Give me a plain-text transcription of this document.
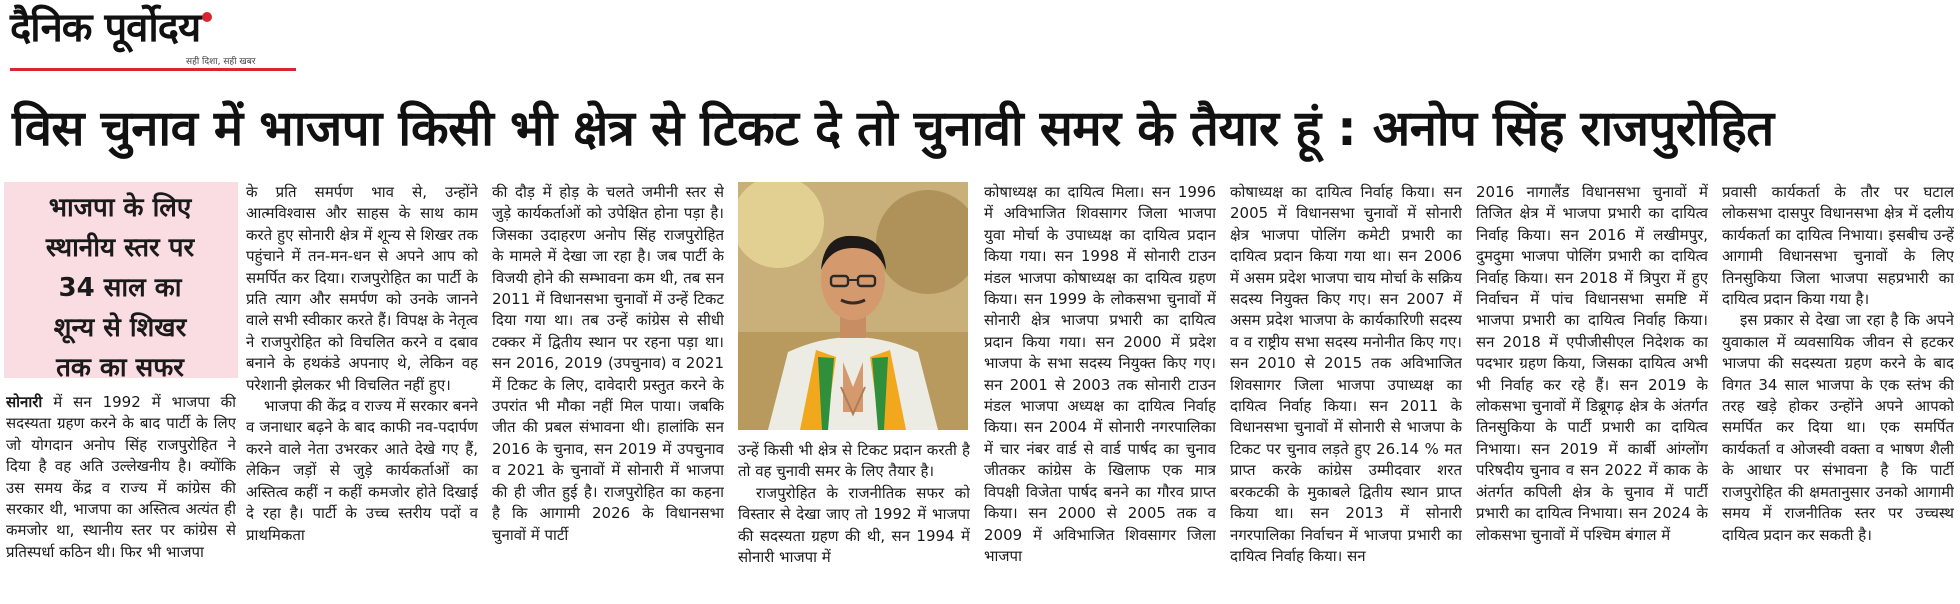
दैनिक पूर्वोदय
सही दिशा, सही खबर
विस चुनाव में भाजपा किसी भी क्षेत्र से टिकट दे तो चुनावी समर के तैयार हूं : अनोप सिंह राजपुरोहित
भाजपा के लिए
स्थानीय स्तर पर
34 साल का
शून्य से शिखर
तक का सफर

सोनारी में सन 1992 में भाजपा की सदस्यता ग्रहण करने के बाद पार्टी के लिए जो योगदान अनोप सिंह राजपुरोहित ने दिया है वह अति उल्लेखनीय है। क्योंकि उस समय केंद्र व राज्य में कांग्रेस की सरकार थी, भाजपा का अस्तित्व अत्यंत ही कमजोर था, स्थानीय स्तर पर कांग्रेस से प्रतिस्पर्धा कठिन थी। फिर भी भाजपा

के प्रति समर्पण भाव से, उन्होंने आत्मविश्वास और साहस के साथ काम करते हुए सोनारी क्षेत्र में शून्य से शिखर तक पहुंचाने में तन-मन-धन से अपने आप को समर्पित कर दिया। राजपुरोहित का पार्टी के प्रति त्याग और समर्पण को उनके जानने वाले सभी स्वीकार करते हैं। विपक्ष के नेतृत्व ने राजपुरोहित को विचलित करने व दबाव बनाने के हथकंडे अपनाए थे, लेकिन वह परेशानी झेलकर भी विचलित नहीं हुए।

भाजपा की केंद्र व राज्य में सरकार बनने व जनाधार बढ़ने के बाद काफी नव-पदार्पण करने वाले नेता उभरकर आते देखे गए हैं, लेकिन जड़ों से जुड़े कार्यकर्ताओं का अस्तित्व कहीं न कहीं कमजोर होते दिखाई दे रहा है। पार्टी के उच्च स्तरीय पदों व प्राथमिकता

की दौड़ में होड़ के चलते जमीनी स्तर से जुड़े कार्यकर्ताओं को उपेक्षित होना पड़ा है। जिसका उदाहरण अनोप सिंह राजपुरोहित के मामले में देखा जा रहा है। जब पार्टी के विजयी होने की सम्भावना कम थी, तब सन 2011 में विधानसभा चुनावों में उन्हें टिकट दिया गया था। तब उन्हें कांग्रेस से सीधी टक्कर में द्वितीय स्थान पर रहना पड़ा था। सन 2016, 2019 (उपचुनाव) व 2021 में टिकट के लिए, दावेदारी प्रस्तुत करने के उपरांत भी मौका नहीं मिल पाया। जबकि जीत की प्रबल संभावना थी। हालांकि सन 2016 के चुनाव, सन 2019 में उपचुनाव व 2021 के चुनावों में सोनारी में भाजपा की ही जीत हुई है। राजपुरोहित का कहना है कि आगामी 2026 के विधानसभा चुनावों में पार्टी

उन्हें किसी भी क्षेत्र से टिकट प्रदान करती है तो वह चुनावी समर के लिए तैयार है।

राजपुरोहित के राजनीतिक सफर को विस्तार से देखा जाए तो 1992 में भाजपा की सदस्यता ग्रहण की थी, सन 1994 में सोनारी भाजपा में

कोषाध्यक्ष का दायित्व मिला। सन 1996 में अविभाजित शिवसागर जिला भाजपा युवा मोर्चा के उपाध्यक्ष का दायित्व प्रदान किया गया। सन 1998 में सोनारी टाउन मंडल भाजपा कोषाध्यक्ष का दायित्व ग्रहण किया। सन 1999 के लोकसभा चुनावों में सोनारी क्षेत्र भाजपा प्रभारी का दायित्व प्रदान किया गया। सन 2000 में प्रदेश भाजपा के सभा सदस्य नियुक्त किए गए। सन 2001 से 2003 तक सोनारी टाउन मंडल भाजपा अध्यक्ष का दायित्व निर्वाह किया। सन 2004 में सोनारी नगरपालिका में चार नंबर वार्ड से वार्ड पार्षद का चुनाव जीतकर कांग्रेस के खिलाफ एक मात्र विपक्षी विजेता पार्षद बनने का गौरव प्राप्त किया। सन 2000 से 2005 तक व 2009 में अविभाजित शिवसागर जिला भाजपा

कोषाध्यक्ष का दायित्व निर्वाह किया। सन 2005 में विधानसभा चुनावों में सोनारी क्षेत्र भाजपा पोलिंग कमेटी प्रभारी का दायित्व प्रदान किया गया था। सन 2006 में असम प्रदेश भाजपा चाय मोर्चा के सक्रिय सदस्य नियुक्त किए गए। सन 2007 में असम प्रदेश भाजपा के कार्यकारिणी सदस्य व व राष्ट्रीय सभा सदस्य मनोनीत किए गए। सन 2010 से 2015 तक अविभाजित शिवसागर जिला भाजपा उपाध्यक्ष का दायित्व निर्वाह किया। सन 2011 के विधानसभा चुनावों में सोनारी से भाजपा के टिकट पर चुनाव लड़ते हुए 26.14 % मत प्राप्त करके कांग्रेस उम्मीदवार शरत बरकटकी के मुकाबले द्वितीय स्थान प्राप्त किया था। सन 2013 में सोनारी नगरपालिका निर्वाचन में भाजपा प्रभारी का दायित्व निर्वाह किया। सन

2016 नागालैंड विधानसभा चुनावों में तिजित क्षेत्र में भाजपा प्रभारी का दायित्व निर्वाह किया। सन 2016 में लखीमपुर, दुमदुमा भाजपा पोलिंग प्रभारी का दायित्व निर्वाह किया। सन 2018 में त्रिपुरा में हुए निर्वाचन में पांच विधानसभा समष्टि में भाजपा प्रभारी का दायित्व निर्वाह किया। सन 2018 में एपीजीसीएल निदेशक का पदभार ग्रहण किया, जिसका दायित्व अभी भी निर्वाह कर रहे हैं। सन 2019 के लोकसभा चुनावों में डिब्रूगढ़ क्षेत्र के अंतर्गत तिनसुकिया के पार्टी प्रभारी का दायित्व निभाया। सन 2019 में कार्बी आंग्लोंग परिषदीय चुनाव व सन 2022 में काक के अंतर्गत कपिली क्षेत्र के चुनाव में पार्टी प्रभारी का दायित्व निभाया। सन 2024 के लोकसभा चुनावों में पश्चिम बंगाल में

प्रवासी कार्यकर्ता के तौर पर घटाल लोकसभा दासपुर विधानसभा क्षेत्र में दलीय कार्यकर्ता का दायित्व निभाया। इसबीच उन्हें आगामी विधानसभा चुनावों के लिए तिनसुकिया जिला भाजपा सहप्रभारी का दायित्व प्रदान किया गया है।

इस प्रकार से देखा जा रहा है कि अपने युवाकाल में व्यवसायिक जीवन से हटकर भाजपा की सदस्यता ग्रहण करने के बाद विगत 34 साल भाजपा के एक स्तंभ की तरह खड़े होकर उन्होंने अपने आपको समर्पित कर दिया था। एक समर्पित कार्यकर्ता व ओजस्वी वक्ता व भाषण शैली के आधार पर संभावना है कि पार्टी राजपुरोहित की क्षमतानुसार उनको आगामी समय में राजनीतिक स्तर पर उच्चस्थ दायित्व प्रदान कर सकती है।
